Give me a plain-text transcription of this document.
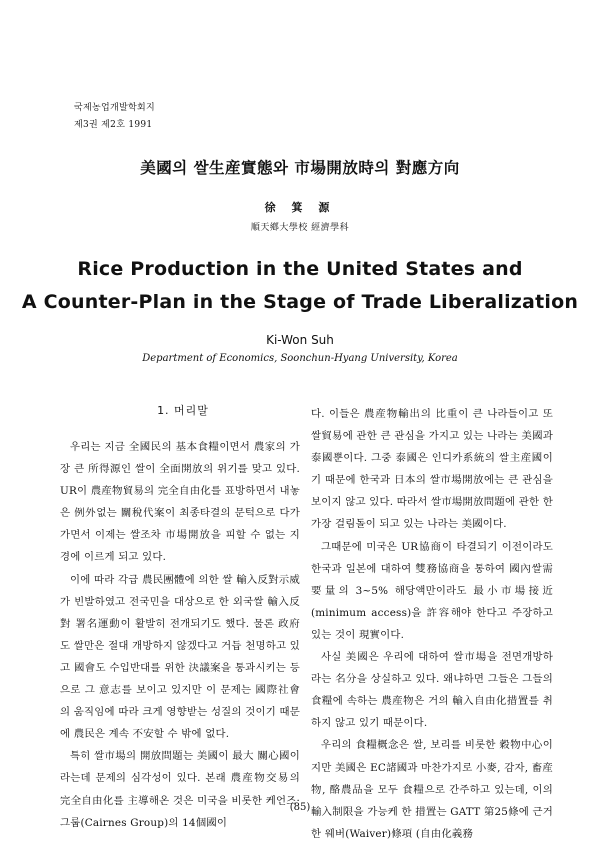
국제농업개발학회지
제3권 제2호 1991
美國의 쌀生産實態와 市場開放時의 對應方向
徐 箕 源
順天鄕大學校 經濟學科
Rice Production in the United States and
A Counter-Plan in the Stage of Trade Liberalization
Ki-Won Suh
Department of Economics, Soonchun-Hyang University, Korea
1. 머리말

우리는 지금 全國民의 基本食糧이면서 農家의 가장 큰 所得源인 쌀이 全面開放의 위기를 맞고 있다. UR이 農産物貿易의 完全自由化를 표방하면서 내놓은 例外없는 關稅代案이 최종타결의 문턱으로 다가 가면서 이제는 쌀조차 市場開放을 피할 수 없는 지경에 이르게 되고 있다.

이에 따라 각급 農民團體에 의한 쌀 輸入反對示威가 빈발하였고 전국민을 대상으로 한 외국쌀 輸入反對 署名運動이 활발히 전개되기도 했다. 물론 政府도 쌀만은 절대 개방하지 않겠다고 거듭 천명하고 있고 國會도 수입반대를 위한 決議案을 통과시키는 등으로 그 意志를 보이고 있지만 이 문제는 國際社會의 움직임에 따라 크게 영향받는 성질의 것이기 때문에 農民은 계속 不安할 수 밖에 없다.

특히 쌀市場의 開放問題는 美國이 最大 關心國이라는데 문제의 심각성이 있다. 본래 農産物交易의 完全自由化를 主導해온 것은 미국을 비롯한 케언즈·그룹(Cairnes Group)의 14個國이

다. 이들은 農産物輸出의 比重이 큰 나라들이고 또 쌀貿易에 관한 큰 관심을 가지고 있는 나라는 美國과 泰國뿐이다. 그중 泰國은 인디카系統의 쌀主産國이기 때문에 한국과 日本의 쌀市場開放에는 큰 관심을 보이지 않고 있다. 따라서 쌀市場開放問題에 관한 한 가장 걸림돌이 되고 있는 나라는 美國이다.

그때문에 미국은 UR協商이 타결되기 이전이라도 한국과 일본에 대하여 雙務協商을 통하여 國內쌀需要量의 3~5% 해당액만이라도 最小市場接近(minimum access)을 許容해야 한다고 주장하고 있는 것이 現實이다.

사실 美國은 우리에 대하여 쌀市場을 전면개방하라는 名分을 상실하고 있다. 왜냐하면 그들은 그들의 食糧에 속하는 農産物은 거의 輸入自由化措置를 취하지 않고 있기 때문이다.

우리의 食糧概念은 쌀, 보리를 비롯한 穀物中心이지만 美國은 EC諸國과 마찬가지로 小麥, 감자, 畜産物, 酪農品을 모두 食糧으로 간주하고 있는데, 이의 輸入制限을 가능케 한 措置는 GATT 第25條에 근거한 웨버(Waiver)條項 (自由化義務

(85)
